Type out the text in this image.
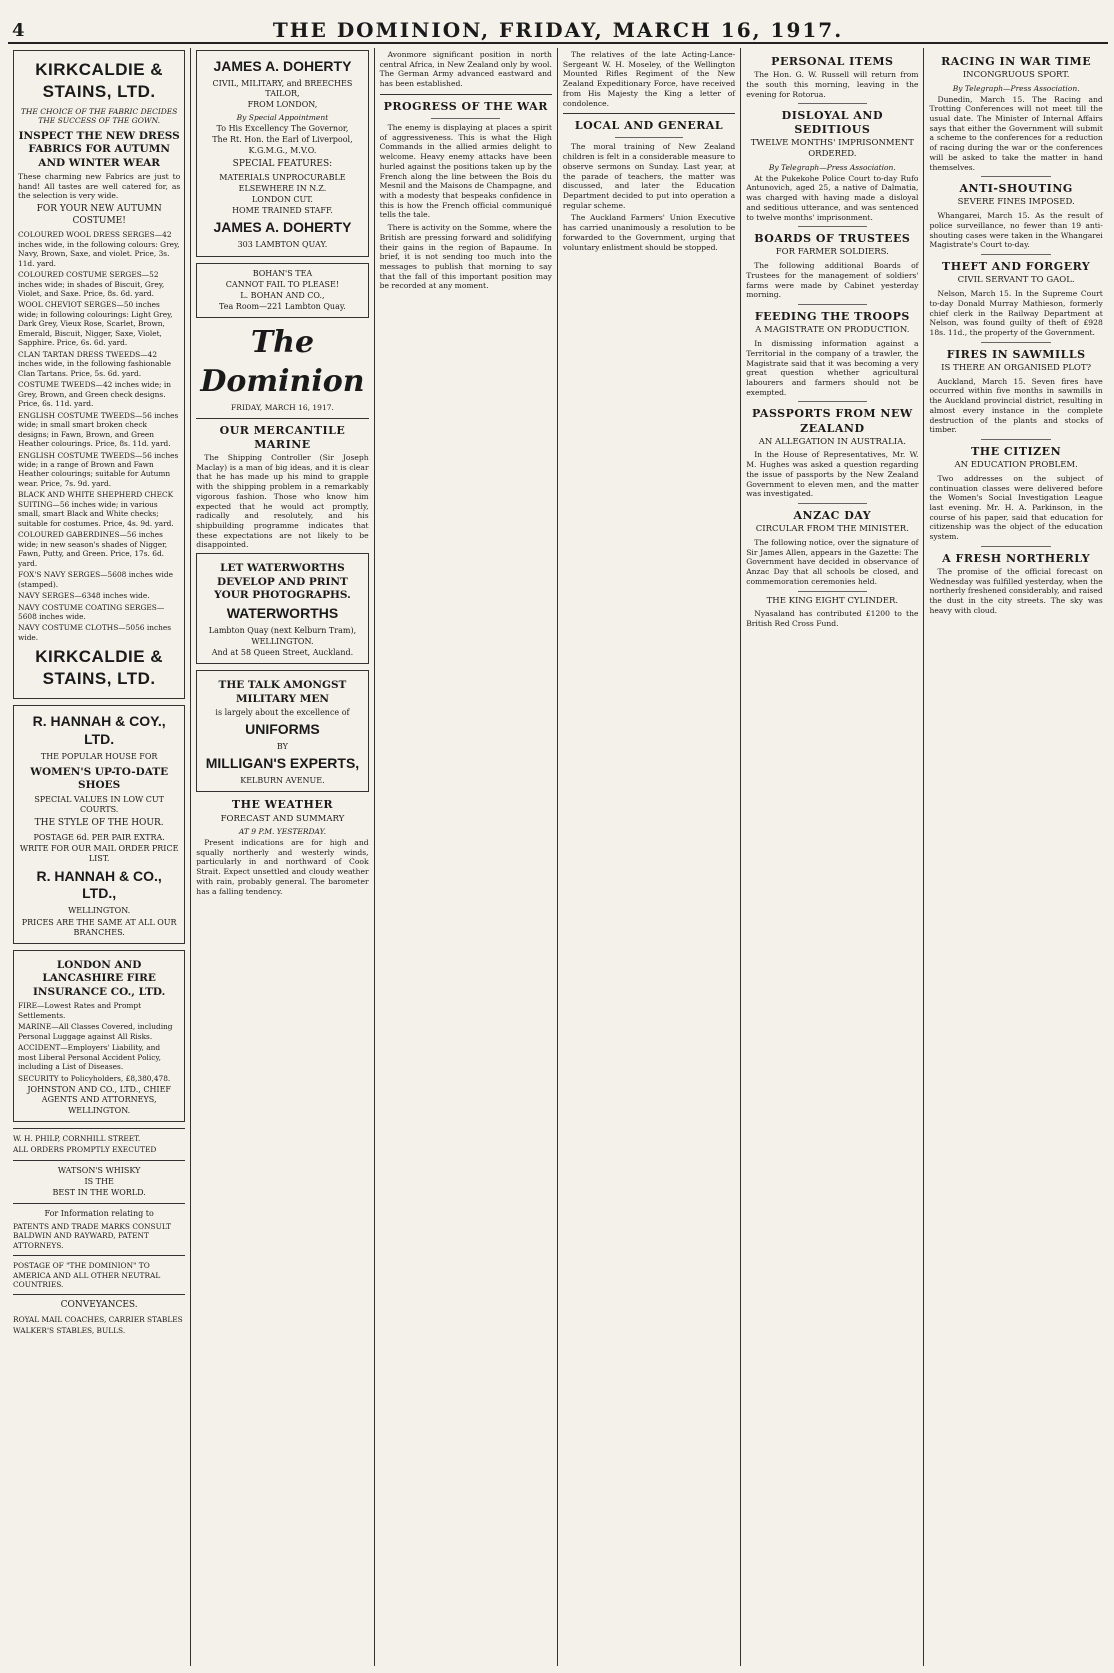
4	THE DOMINION, FRIDAY, MARCH 16, 1917.
KIRKCALDIE & STAINS, LTD.
THE CHOICE OF THE FABRIC DECIDES THE SUCCESS OF THE GOWN.
INSPECT THE NEW DRESS FABRICS FOR AUTUMN AND WINTER WEAR
These charming new Fabrics are just to hand! All tastes are well catered for, as the selection is very wide.
FOR YOUR NEW AUTUMN COSTUME!
COLOURED WOOL DRESS SERGES—42 inches wide, in the following colours: Grey, Navy, Brown, Saxe, and violet. Price, 3s. 11d. yard.
COLOURED COSTUME SERGES—52 inches wide; in shades of Biscuit, Grey, Violet, and Saxe. Price, 8s. 6d. yard.
WOOL CHEVIOT SERGES—50 inches wide; in following colourings: Light Grey, Dark Grey, Vieux Rose, Scarlet, Brown, Emerald, Biscuit, Nigger, Saxe, Violet, Sapphire. Price, 6s. 6d. yard.
CLAN TARTAN DRESS TWEEDS—42 inches wide, in the following fashionable Clan Tartans. Price, 5s. 6d. yard.
COSTUME TWEEDS—42 inches wide; in Grey, Brown, and Green check designs. Price, 6s. 11d. yard.
ENGLISH COSTUME TWEEDS—56 inches wide; in small smart broken check designs; in Fawn, Brown, and Green Heather colourings. Price, 8s. 11d. yard.
ENGLISH COSTUME TWEEDS—56 inches wide; in a range of Brown and Fawn Heather colourings; suitable for Autumn wear. Price, 7s. 9d. yard.
BLACK AND WHITE SHEPHERD CHECK SUITING—56 inches wide; in various small, smart Black and White checks; suitable for costumes. Price, 4s. 9d. yard.
COLOURED GABERDINES—56 inches wide; in new season's shades of Nigger, Fawn, Putty, and Green. Price, 17s. 6d. yard.
FOX'S NAVY SERGES—5608 inches wide (stamped).
NAVY SERGES—6348 inches wide.
NAVY COSTUME COATING SERGES—5608 inches wide.
NAVY COSTUME CLOTHS—5056 inches wide.
KIRKCALDIE & STAINS, LTD.
R. HANNAH & COY., LTD.
THE POPULAR HOUSE FOR
WOMEN'S UP-TO-DATE SHOES
SPECIAL VALUES IN LOW CUT COURTS.
THE STYLE OF THE HOUR.
POSTAGE 6d. PER PAIR EXTRA.
WRITE FOR OUR MAIL ORDER PRICE LIST.
R. HANNAH & CO., LTD.,
WELLINGTON.
PRICES ARE THE SAME AT ALL OUR BRANCHES.
LONDON AND LANCASHIRE FIRE INSURANCE CO., LTD.
FIRE—Lowest Rates and Prompt Settlements.
MARINE—All Classes Covered, including Personal Luggage against All Risks.
ACCIDENT—Employers' Liability, and most Liberal Personal Accident Policy, including a List of Diseases.
SECURITY to Policyholders, £8,380,478.
JOHNSTON AND CO., LTD., CHIEF AGENTS AND ATTORNEYS, WELLINGTON.
W. H. PHILP, CORNHILL STREET.
ALL ORDERS PROMPTLY EXECUTED
WATSON'S WHISKY
IS THE
BEST IN THE WORLD.
For Information relating to
PATENTS AND TRADE MARKS CONSULT BALDWIN AND RAYWARD, PATENT ATTORNEYS.
POSTAGE OF "THE DOMINION" TO AMERICA AND ALL OTHER NEUTRAL COUNTRIES.
CONVEYANCES.
ROYAL MAIL COACHES, CARRIER STABLES
WALKER'S STABLES, BULLS.
JAMES A. DOHERTY
CIVIL, MILITARY, and BREECHES TAILOR,
FROM LONDON,
By Special Appointment
To His Excellency The Governor,
The Rt. Hon. the Earl of Liverpool, K.G.M.G., M.V.O.
SPECIAL FEATURES:
MATERIALS UNPROCURABLE ELSEWHERE IN N.Z.
LONDON CUT.
HOME TRAINED STAFF.
JAMES A. DOHERTY
303 LAMBTON QUAY.
BOHAN'S TEA
CANNOT FAIL TO PLEASE!
L. BOHAN AND CO.,
Tea Room—221 Lambton Quay.
The Dominion
FRIDAY, MARCH 16, 1917.
OUR MERCANTILE MARINE
The Shipping Controller (Sir Joseph Maclay) is a man of big ideas, and it is clear that he has made up his mind to grapple with the shipping problem in a remarkably vigorous fashion. Those who know him expected that he would act promptly, radically and resolutely, and his shipbuilding programme indicates that these expectations are not likely to be disappointed.
LET WATERWORTHS DEVELOP AND PRINT YOUR PHOTOGRAPHS.
WATERWORTHS
Lambton Quay (next Kelburn Tram), WELLINGTON.
And at 58 Queen Street, Auckland.
THE TALK AMONGST MILITARY MEN
is largely about the excellence of
UNIFORMS
BY
MILLIGAN'S EXPERTS,
KELBURN AVENUE.
THE WEATHER
FORECAST AND SUMMARY
AT 9 P.M. YESTERDAY.
Present indications are for high and squally northerly and westerly winds, particularly in and northward of Cook Strait. Expect unsettled and cloudy weather with rain, probably general. The barometer has a falling tendency.
Avonmore significant position in north central Africa, in New Zealand only by wool. The German Army advanced eastward and has been established.
PROGRESS OF THE WAR
The enemy is displaying at places a spirit of aggressiveness. This is what the High Commands in the allied armies delight to welcome. Heavy enemy attacks have been hurled against the positions taken up by the French along the line between the Bois du Mesnil and the Maisons de Champagne, and with a modesty that bespeaks confidence in this is how the French official communiqué tells the tale.
There is activity on the Somme, where the British are pressing forward and solidifying their gains in the region of Bapaume. In brief, it is not sending too much into the messages to publish that morning to say that the fall of this important position may be recorded at any moment.
The relatives of the late Acting-Lance-Sergeant W. H. Moseley, of the Wellington Mounted Rifles Regiment of the New Zealand Expeditionary Force, have received from His Majesty the King a letter of condolence.
LOCAL AND GENERAL
The moral training of New Zealand children is felt in a considerable measure to observe sermons on Sunday. Last year, at the parade of teachers, the matter was discussed, and later the Education Department decided to put into operation a regular scheme.
The Auckland Farmers' Union Executive has carried unanimously a resolution to be forwarded to the Government, urging that voluntary enlistment should be stopped.
PERSONAL ITEMS
The Hon. G. W. Russell will return from the south this morning, leaving in the evening for Rotorua.
DISLOYAL AND SEDITIOUS
TWELVE MONTHS' IMPRISONMENT ORDERED.
By Telegraph—Press Association.
At the Pukekohe Police Court to-day Rufo Antunovich, aged 25, a native of Dalmatia, was charged with having made a disloyal and seditious utterance, and was sentenced to twelve months' imprisonment.
BOARDS OF TRUSTEES
FOR FARMER SOLDIERS.
The following additional Boards of Trustees for the management of soldiers' farms were made by Cabinet yesterday morning.
FEEDING THE TROOPS
A MAGISTRATE ON PRODUCTION.
In dismissing information against a Territorial in the company of a trawler, the Magistrate said that it was becoming a very great question whether agricultural labourers and farmers should not be exempted.
PASSPORTS FROM NEW ZEALAND
AN ALLEGATION IN AUSTRALIA.
In the House of Representatives, Mr. W. M. Hughes was asked a question regarding the issue of passports by the New Zealand Government to eleven men, and the matter was investigated.
ANZAC DAY
CIRCULAR FROM THE MINISTER.
The following notice, over the signature of Sir James Allen, appears in the Gazette: The Government have decided in observance of Anzac Day that all schools be closed, and commemoration ceremonies held.
THE KING EIGHT CYLINDER.
Nyasaland has contributed £1200 to the British Red Cross Fund.
RACING IN WAR TIME
INCONGRUOUS SPORT.
By Telegraph—Press Association.
Dunedin, March 15. The Racing and Trotting Conferences will not meet till the usual date. The Minister of Internal Affairs says that either the Government will submit a scheme to the conferences for a reduction of racing during the war or the conferences will be asked to take the matter in hand themselves.
ANTI-SHOUTING
SEVERE FINES IMPOSED.
Whangarei, March 15. As the result of police surveillance, no fewer than 19 anti-shouting cases were taken in the Whangarei Magistrate's Court to-day.
THEFT AND FORGERY
CIVIL SERVANT TO GAOL.
Nelson, March 15. In the Supreme Court to-day Donald Murray Mathieson, formerly chief clerk in the Railway Department at Nelson, was found guilty of theft of £928 18s. 11d., the property of the Government.
FIRES IN SAWMILLS
IS THERE AN ORGANISED PLOT?
Auckland, March 15. Seven fires have occurred within five months in sawmills in the Auckland provincial district, resulting in almost every instance in the complete destruction of the plants and stocks of timber.
THE CITIZEN
AN EDUCATION PROBLEM.
Two addresses on the subject of continuation classes were delivered before the Women's Social Investigation League last evening. Mr. H. A. Parkinson, in the course of his paper, said that education for citizenship was the object of the education system.
A FRESH NORTHERLY
The promise of the official forecast on Wednesday was fulfilled yesterday, when the northerly freshened considerably, and raised the dust in the city streets. The sky was heavy with cloud.
